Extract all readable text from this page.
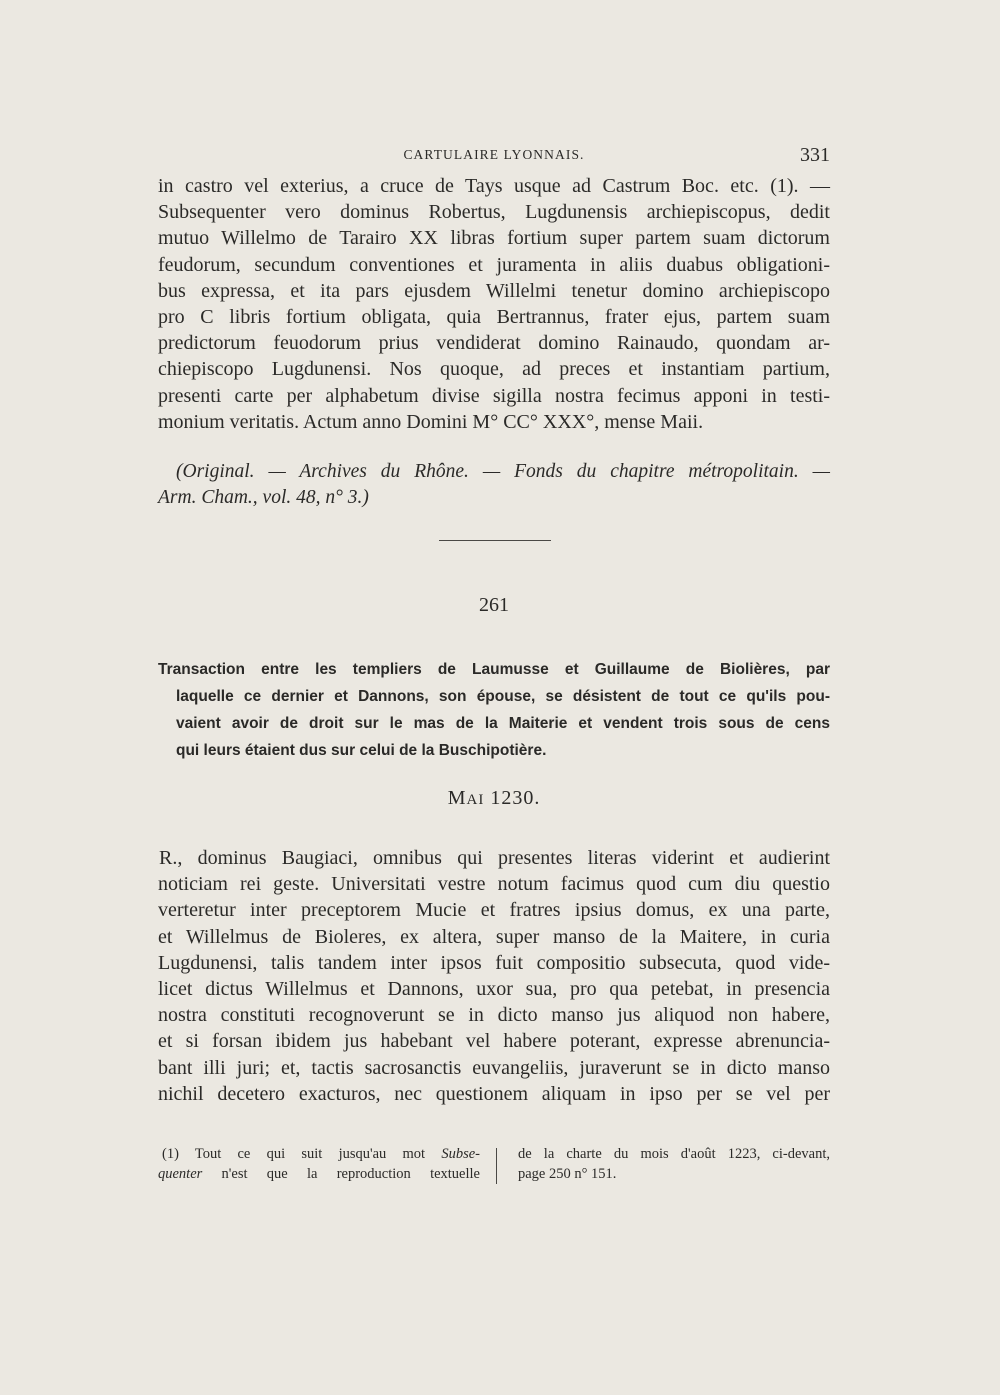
CARTULAIRE LYONNAIS.	331
in castro vel exterius, a cruce de Tays usque ad Castrum Boc. etc. (1). —
Subsequenter vero dominus Robertus, Lugdunensis archiepiscopus, dedit
mutuo Willelmo de Tarairo XX libras fortium super partem suam dictorum
feudorum, secundum conventiones et juramenta in aliis duabus obligationi-
bus expressa, et ita pars ejusdem Willelmi tenetur domino archiepiscopo
pro C libris fortium obligata, quia Bertrannus, frater ejus, partem suam
predictorum feuodorum prius vendiderat domino Rainaudo, quondam ar-
chiepiscopo Lugdunensi. Nos quoque, ad preces et instantiam partium,
presenti carte per alphabetum divise sigilla nostra fecimus apponi in testi-
monium veritatis. Actum anno Domini M° CC° XXX°, mense Maii.
(Original. — Archives du Rhône. — Fonds du chapitre métropolitain. —
Arm. Cham., vol. 48, n° 3.)
261
Transaction entre les templiers de Laumusse et Guillaume de Biolières, par
laquelle ce dernier et Dannons, son épouse, se désistent de tout ce qu'ils pou-
vaient avoir de droit sur le mas de la Maiterie et vendent trois sous de cens
qui leurs étaient dus sur celui de la Buschipotière.
MAI 1230.
R., dominus Baugiaci, omnibus qui presentes literas viderint et audierint
noticiam rei geste. Universitati vestre notum facimus quod cum diu questio
verteretur inter preceptorem Mucie et fratres ipsius domus, ex una parte,
et Willelmus de Bioleres, ex altera, super manso de la Maitere, in curia
Lugdunensi, talis tandem inter ipsos fuit compositio subsecuta, quod vide-
licet dictus Willelmus et Dannons, uxor sua, pro qua petebat, in presencia
nostra constituti recognoverunt se in dicto manso jus aliquod non habere,
et si forsan ibidem jus habebant vel habere poterant, expresse abrenuncia-
bant illi juri; et, tactis sacrosanctis euvangeliis, juraverunt se in dicto manso
nichil decetero exacturos, nec questionem aliquam in ipso per se vel per
(1) Tout ce qui suit jusqu'au mot Subse-
quenter n'est que la reproduction textuelle
de la charte du mois d'août 1223, ci-devant,
page 250 n° 151.
